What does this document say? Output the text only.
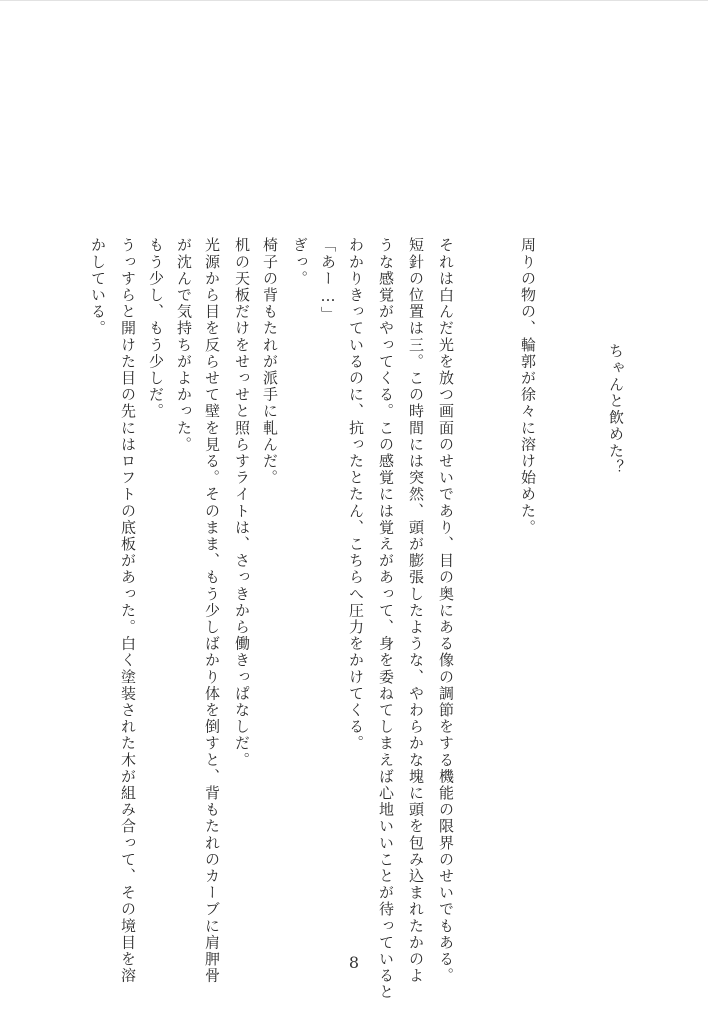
ちゃんと飲めた？
周りの物の、輪郭が徐々に溶け始めた。
それは白んだ光を放つ画面のせいであり、目の奥にある像の調節をする機能の限界のせいでもある。
短針の位置は三。この時間には突然、頭が膨張したような、やわらかな塊に頭を包み込まれたかのよ
うな感覚がやってくる。この感覚には覚えがあって、身を委ねてしまえば心地いいことが待っていると
わかりきっているのに、抗ったとたん、こちらへ圧力をかけてくる。
「あー…」
ぎっ。
椅子の背もたれが派手に軋んだ。
机の天板だけをせっせと照らすライトは、さっきから働きっぱなしだ。
光源から目を反らせて壁を見る。そのまま、もう少しばかり体を倒すと、背もたれのカーブに肩胛骨
が沈んで気持ちがよかった。
もう少し、もう少しだ。
うっすらと開けた目の先にはロフトの底板があった。白く塗装された木が組み合って、その境目を溶
かしている。
8
